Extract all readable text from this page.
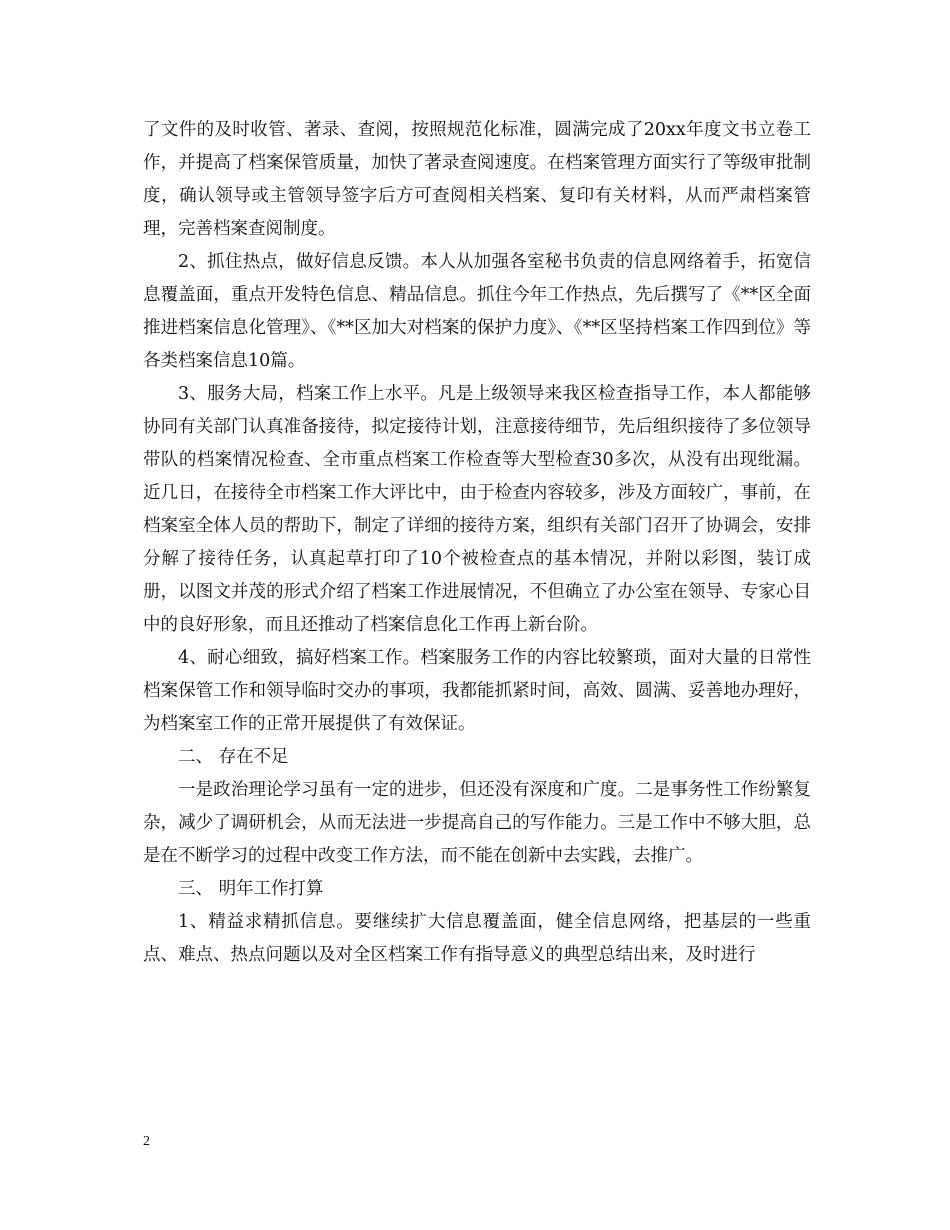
了文件的及时收管、著录、查阅，按照规范化标准，圆满完成了20xx年度文书立卷工作，并提高了档案保管质量，加快了著录查阅速度。在档案管理方面实行了等级审批制度，确认领导或主管领导签字后方可查阅相关档案、复印有关材料，从而严肃档案管理，完善档案查阅制度。

2、抓住热点，做好信息反馈。本人从加强各室秘书负责的信息网络着手，拓宽信息覆盖面，重点开发特色信息、精品信息。抓住今年工作热点，先后撰写了《**区全面推进档案信息化管理》、《**区加大对档案的保护力度》、《**区坚持档案工作四到位》等各类档案信息10篇。

3、服务大局，档案工作上水平。凡是上级领导来我区检查指导工作，本人都能够协同有关部门认真准备接待，拟定接待计划，注意接待细节，先后组织接待了多位领导带队的档案情况检查、全市重点档案工作检查等大型检查30多次，从没有出现纰漏。近几日，在接待全市档案工作大评比中，由于检查内容较多，涉及方面较广，事前，在档案室全体人员的帮助下，制定了详细的接待方案，组织有关部门召开了协调会，安排分解了接待任务，认真起草打印了10个被检查点的基本情况，并附以彩图，装订成册，以图文并茂的形式介绍了档案工作进展情况，不但确立了办公室在领导、专家心目中的良好形象，而且还推动了档案信息化工作再上新台阶。

4、耐心细致，搞好档案工作。档案服务工作的内容比较繁琐，面对大量的日常性档案保管工作和领导临时交办的事项，我都能抓紧时间，高效、圆满、妥善地办理好，为档案室工作的正常开展提供了有效保证。

二、 存在不足

一是政治理论学习虽有一定的进步，但还没有深度和广度。二是事务性工作纷繁复杂，减少了调研机会，从而无法进一步提高自己的写作能力。三是工作中不够大胆，总是在不断学习的过程中改变工作方法，而不能在创新中去实践，去推广。

三、 明年工作打算

1、精益求精抓信息。要继续扩大信息覆盖面，健全信息网络，把基层的一些重点、难点、热点问题以及对全区档案工作有指导意义的典型总结出来，及时进行

2
